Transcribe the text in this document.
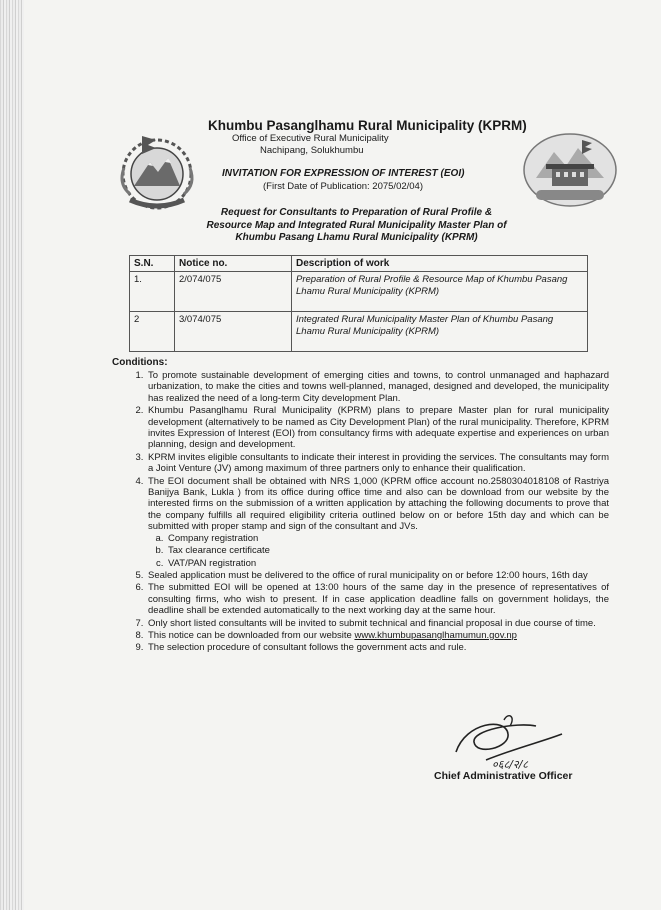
Khumbu Pasanglhamu Rural Municipality (KPRM)
Office of Executive Rural Municipality
Nachipang, Solukhumbu
INVITATION FOR EXPRESSION OF INTEREST (EOI)
(First Date of Publication: 2075/02/04)
Request for Consultants to Preparation of Rural Profile & Resource Map and Integrated Rural Municipality Master Plan of Khumbu Pasang Lhamu Rural Municipality (KPRM)
S.N.	Notice no.	Description of work
1.	2/074/075	Preparation of Rural Profile & Resource Map of Khumbu Pasang Lhamu Rural Municipality (KPRM)
2	3/074/075	Integrated Rural Municipality Master Plan of Khumbu Pasang Lhamu Rural Municipality (KPRM)
Conditions:
1. To promote sustainable development of emerging cities and towns, to control unmanaged and haphazard urbanization, to make the cities and towns well-planned, managed, designed and developed, the municipality has realized the need of a long-term City development Plan.
2. Khumbu Pasanglhamu Rural Municipality (KPRM) plans to prepare Master plan for rural municipality development (alternatively to be named as City Development Plan) of the rural municipality. Therefore, KPRM invites Expression of Interest (EOI) from consultancy firms with adequate expertise and experiences on urban planning, design and development.
3. KPRM invites eligible consultants to indicate their interest in providing the services. The consultants may form a Joint Venture (JV) among maximum of three partners only to enhance their qualification.
4. The EOI document shall be obtained with NRS 1,000 (KPRM office account no.2580304018108 of Rastriya Banijya Bank, Lukla ) from its office during office time and also can be download from our website by the interested firms on the submission of a written application by attaching the following documents to prove that the company fulfills all required eligibility criteria outlined below on or before 15th day and which can be submitted with proper stamp and sign of the consultant and JVs.
a. Company registration
b. Tax clearance certificate
c. VAT/PAN registration
5. Sealed application must be delivered to the office of rural municipality on or before 12:00 hours, 16th day
6. The submitted EOI will be opened at 13:00 hours of the same day in the presence of representatives of consulting firms, who wish to present. If in case application deadline falls on government holidays, the deadline shall be extended automatically to the next working day at the same hour.
7. Only short listed consultants will be invited to submit technical and financial proposal in due course of time.
8. This notice can be downloaded from our website www.khumbupasanglhamumun.gov.np
9. The selection procedure of consultant follows the government acts and rule.
०६८/२/८
Chief Administrative Officer
